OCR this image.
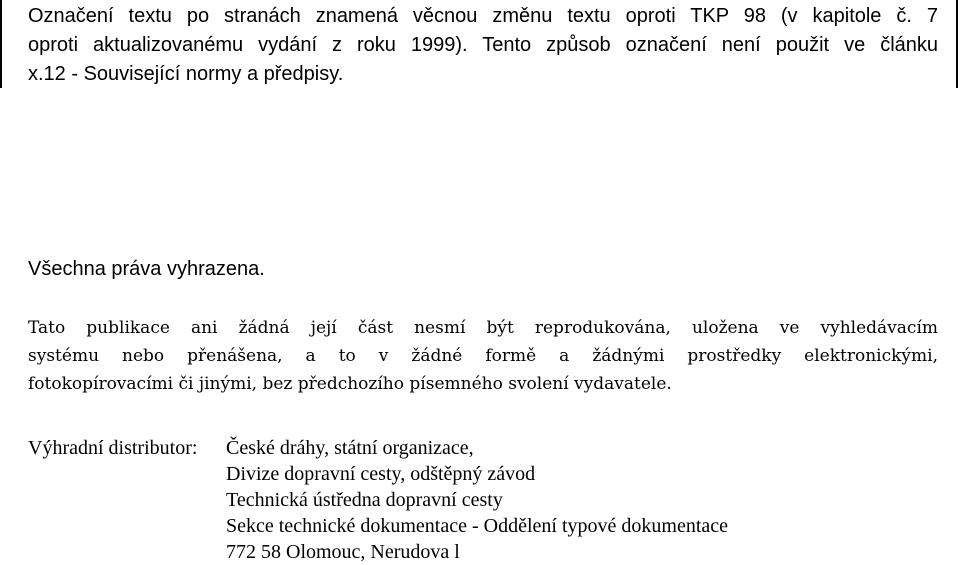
Označení textu po stranách znamená věcnou změnu textu oproti TKP 98 (v kapitole č. 7
oproti aktualizovanému vydání z roku 1999). Tento způsob označení není použit ve článku
x.12 - Související normy a předpisy.

Všechna práva vyhrazena.

Tato publikace ani žádná její část nesmí být reprodukována, uložena ve vyhledávacím
systému nebo přenášena, a to v žádné formě a žádnými prostředky elektronickými,
fotokopírovacími či jinými, bez předchozího písemného svolení vydavatele.

Výhradní distributor: České dráhy, státní organizace,
Divize dopravní cesty, odštěpný závod
Technická ústředna dopravní cesty
Sekce technické dokumentace - Oddělení typové dokumentace
772 58 Olomouc, Nerudova l
